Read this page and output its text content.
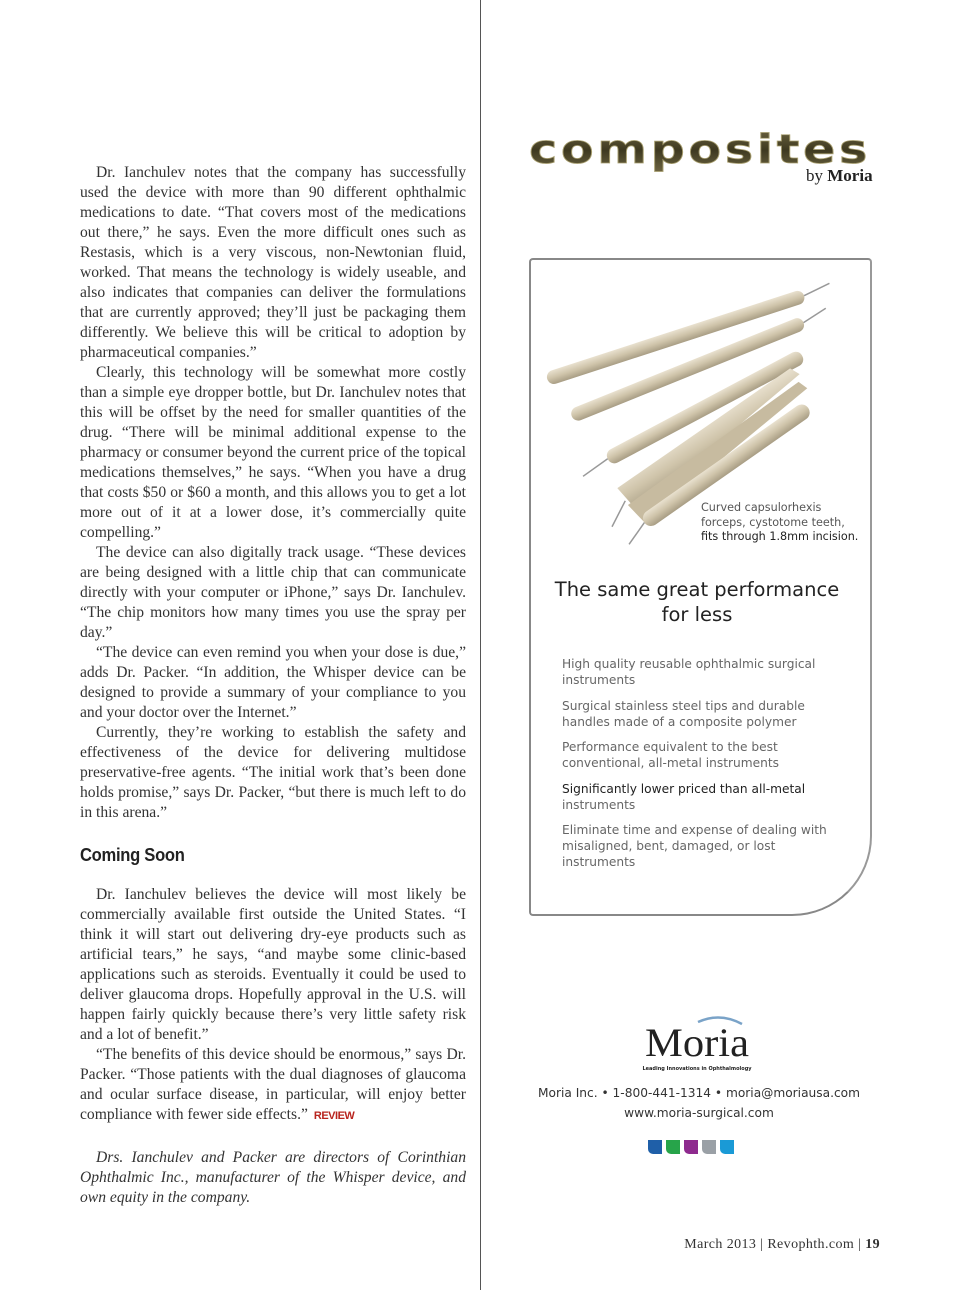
Dr. Ianchulev notes that the company has successfully used the device with more than 90 different ophthalmic medications to date. “That covers most of the medications out there,” he says. Even the more difficult ones such as Restasis, which is a very viscous, non-Newtonian fluid, worked. That means the technology is widely useable, and also indicates that companies can deliver the formulations that are currently approved; they’ll just be packaging them differently. We believe this will be critical to adoption by pharmaceutical companies.”

Clearly, this technology will be somewhat more costly than a simple eye dropper bottle, but Dr. Ianchulev notes that this will be offset by the need for smaller quantities of the drug. “There will be minimal additional expense to the pharmacy or consumer beyond the current price of the topical medications themselves,” he says. “When you have a drug that costs $50 or $60 a month, and this allows you to get a lot more out of it at a lower dose, it’s commercially quite compelling.”

The device can also digitally track usage. “These devices are being designed with a little chip that can communicate directly with your computer or iPhone,” says Dr. Ianchulev. “The chip monitors how many times you use the spray per day.”

“The device can even remind you when your dose is due,” adds Dr. Packer. “In addition, the Whisper device can be designed to provide a summary of your compliance to you and your doctor over the Internet.”

Currently, they’re working to establish the safety and effectiveness of the device for delivering multidose preservative-free agents. “The initial work that’s been done holds promise,” says Dr. Packer, “but there is much left to do in this arena.”

Coming Soon

Dr. Ianchulev believes the device will most likely be commercially available first outside the United States. “I think it will start out delivering dry-eye products such as artificial tears,” he says, “and maybe some clinic-based applications such as steroids. Eventually it could be used to deliver glaucoma drops. Hopefully approval in the U.S. will happen fairly quickly because there’s very little safety risk and a lot of benefit.”

“The benefits of this device should be enormous,” says Dr. Packer. “Those patients with the dual diagnoses of glaucoma and ocular surface disease, in particular, will enjoy better compliance with fewer side effects.” REVIEW

Drs. Ianchulev and Packer are directors of Corinthian Ophthalmic Inc., manufacturer of the Whisper device, and own equity in the company.

composites
by Moria
Curved capsulorhexis
forceps, cystotome teeth,
fits through 1.8mm incision.
The same great performance
for less
High quality reusable ophthalmic surgical instruments
Surgical stainless steel tips and durable handles made of a composite polymer
Performance equivalent to the best conventional, all-metal instruments
Significantly lower priced than all-metal
instruments
Eliminate time and expense of dealing with misaligned, bent, damaged, or lost instruments
Moria
Leading Innovations in Ophthalmology
Moria Inc. • 1-800-441-1314 • moria@moriausa.com
www.moria-surgical.com
March 2013 | Revophth.com | 19
